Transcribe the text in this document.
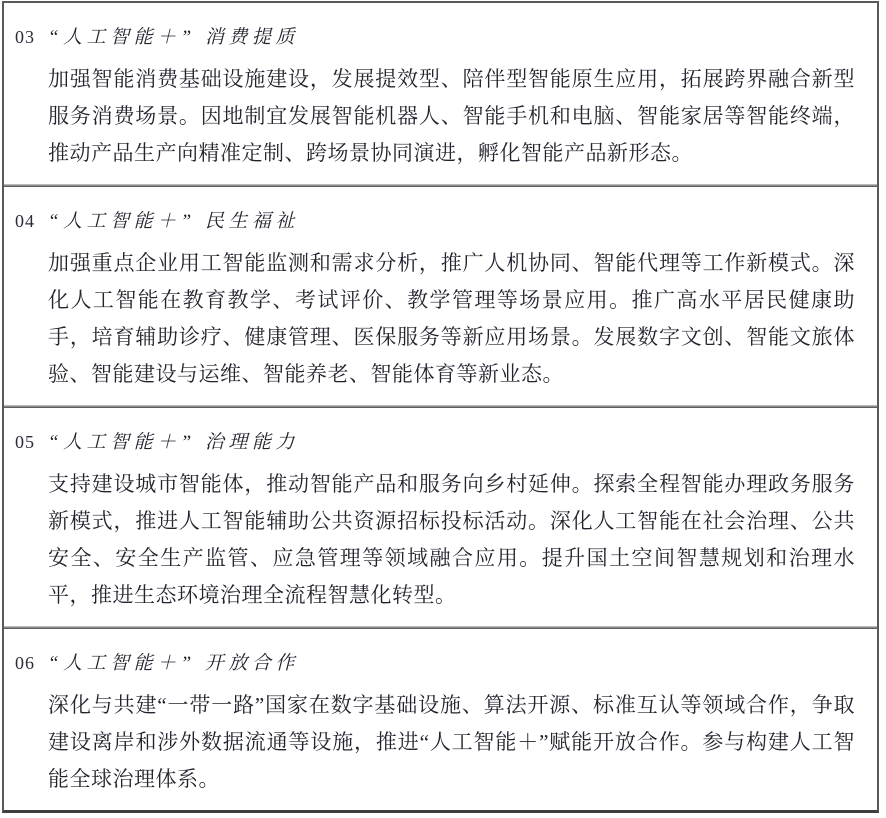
03 “人工智能＋” 消费提质
加强智能消费基础设施建设，发展提效型、陪伴型智能原生应用，拓展跨界融合新型服务消费场景。因地制宜发展智能机器人、智能手机和电脑、智能家居等智能终端，推动产品生产向精准定制、跨场景协同演进，孵化智能产品新形态。
04 “人工智能＋” 民生福祉
加强重点企业用工智能监测和需求分析，推广人机协同、智能代理等工作新模式。深化人工智能在教育教学、考试评价、教学管理等场景应用。推广高水平居民健康助手，培育辅助诊疗、健康管理、医保服务等新应用场景。发展数字文创、智能文旅体验、智能建设与运维、智能养老、智能体育等新业态。
05 “人工智能＋” 治理能力
支持建设城市智能体，推动智能产品和服务向乡村延伸。探索全程智能办理政务服务新模式，推进人工智能辅助公共资源招标投标活动。深化人工智能在社会治理、公共安全、安全生产监管、应急管理等领域融合应用。提升国土空间智慧规划和治理水平，推进生态环境治理全流程智慧化转型。
06 “人工智能＋” 开放合作
深化与共建“一带一路”国家在数字基础设施、算法开源、标准互认等领域合作，争取建设离岸和涉外数据流通等设施，推进“人工智能＋”赋能开放合作。参与构建人工智能全球治理体系。
